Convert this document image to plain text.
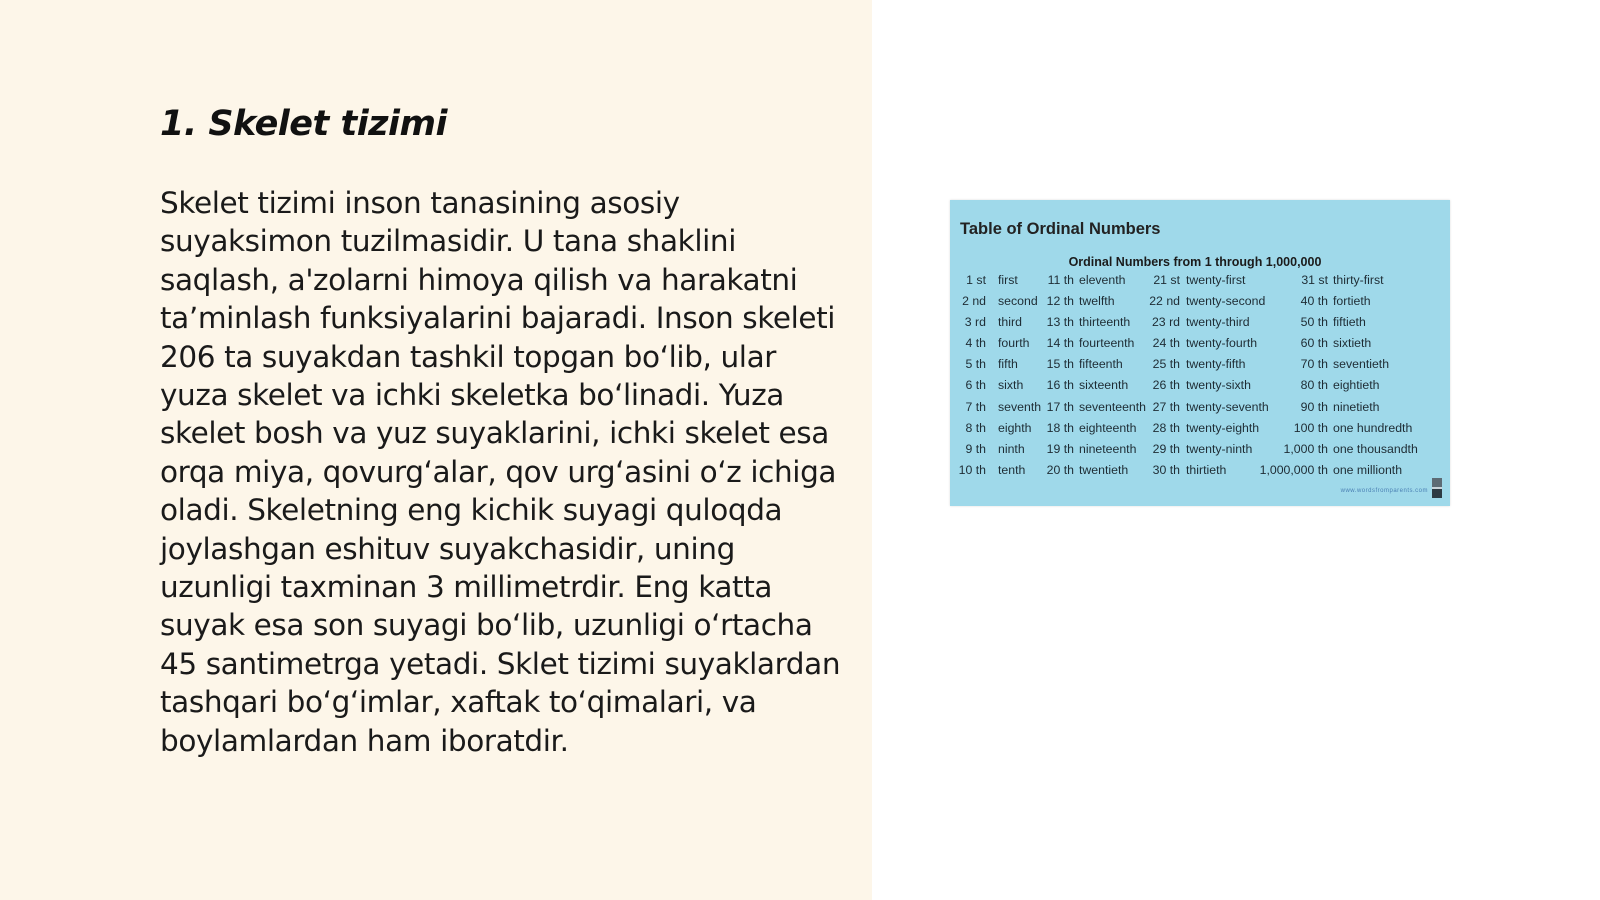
1. Skelet tizimi

Skelet tizimi inson tanasining asosiy suyaksimon tuzilmasidir. U tana shaklini saqlash, a'zolarni himoya qilish va harakatni ta’minlash funksiyalarini bajaradi. Inson skeleti 206 ta suyakdan tashkil topgan bo‘lib, ular yuza skelet va ichki skeletka bo‘linadi. Yuza skelet bosh va yuz suyaklarini, ichki skelet esa orqa miya, qovurg‘alar, qov urg‘asini o‘z ichiga oladi. Skeletning eng kichik suyagi quloqda joylashgan eshituv suyakchasidir, uning uzunligi taxminan 3 millimetrdir. Eng katta suyak esa son suyagi bo‘lib, uzunligi o‘rtacha 45 santimetrga yetadi. Sklet tizimi suyaklardan tashqari bo‘g‘imlar, xaftak to‘qimalari, va boylamlardan ham iboratdir.

Table of Ordinal Numbers
Ordinal Numbers from 1 through 1,000,000
1 st first 11 th eleventh 21 st twenty-first	31 st thirty-first
2 nd second 12 th twelfth	22 nd twenty-second	40 th fortieth
3 rd third 13 th thirteenth 23 rd twenty-third	50 th fiftieth
4 th fourth 14 th fourteenth 24 th twenty-fourth	60 th sixtieth
5 th fifth 15 th fifteenth 25 th twenty-fifth	70 th seventieth
6 th sixth 16 th sixteenth 26 th twenty-sixth	80 th eightieth
7 th seventh 17 th seventeenth 27 th twenty-seventh	90 th ninetieth
8 th eighth 18 th eighteenth 28 th twenty-eighth	100 th one hundredth
9 th ninth 19 th nineteenth 29 th twenty-ninth	1,000 th one thousandth
10 th tenth 20 th twentieth 30 th thirtieth	1,000,000 th one millionth
www.wordsfromparents.com
